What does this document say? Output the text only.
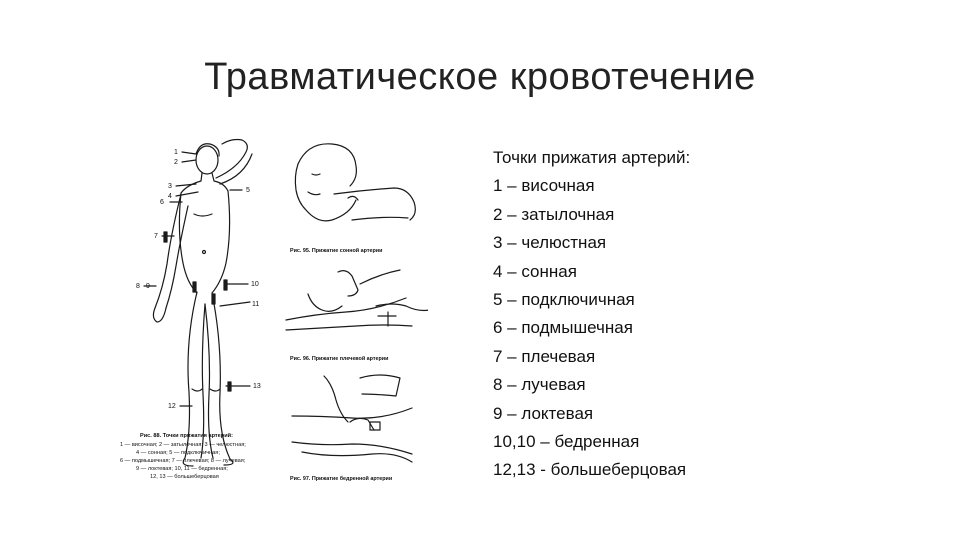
Травматическое кровотечение
1
2
3
4
5
6
7
8 9	10
11
12
13
Рис. 88. Точки прижатия артерий:
1 — височная; 2 — затылочная; 3 — челюстная;
4 — сонная; 5 — подключичная;
6 — подмышечная; 7 — плечевая; 8 — лучевая;
9 — локтевая; 10, 11 — бедренная;
12, 13 — большеберцовая
Рис. 95. Прижатие сонной артерии
Рис. 96. Прижатие плечевой артерии
Рис. 97. Прижатие бедренной артерии
Точки прижатия артерий:
1 – височная
2 – затылочная
3 – челюстная
4 – сонная
5 – подключичная
6 – подмышечная
7 – плечевая
8 – лучевая
9 – локтевая
10,10 – бедренная
12,13 - большеберцовая
